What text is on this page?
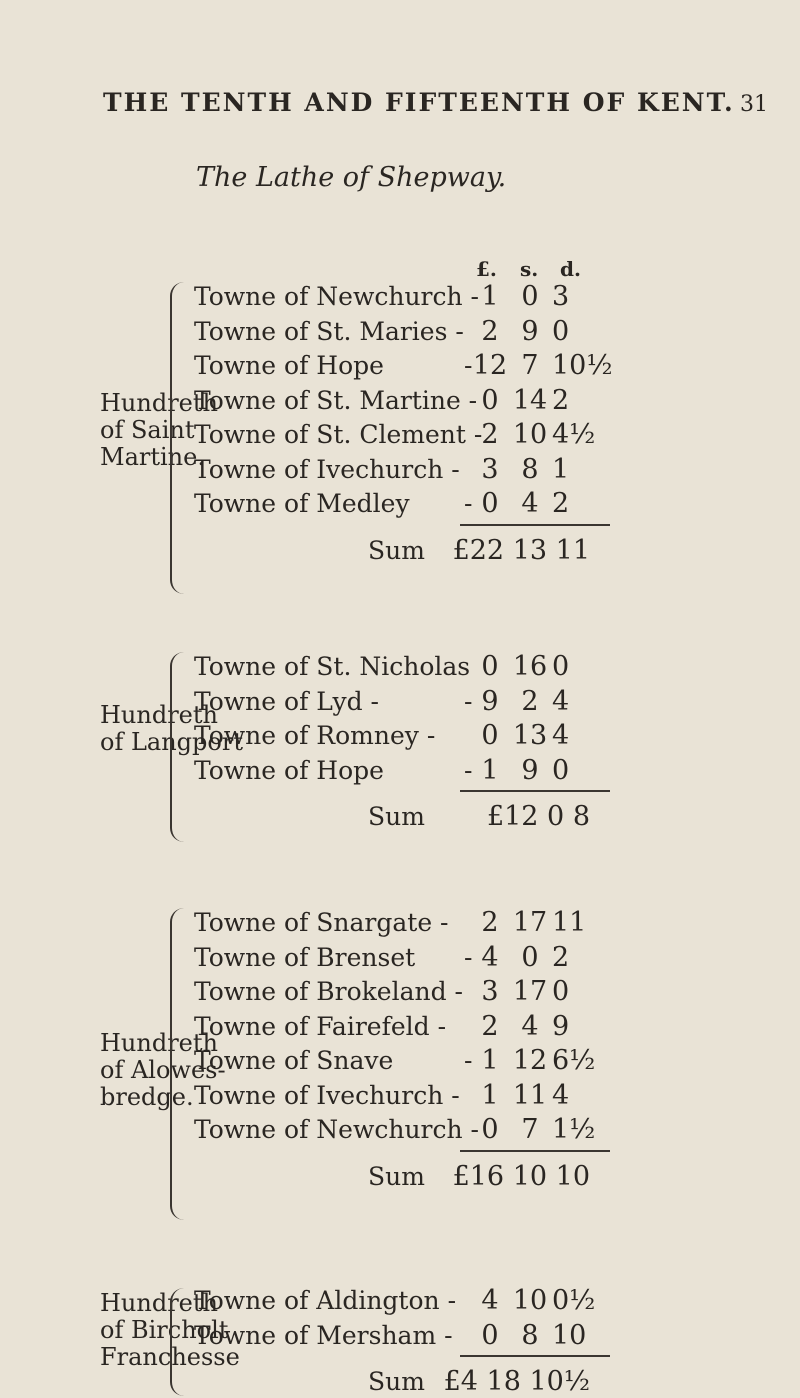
THE TENTH AND FIFTEENTH OF KENT. 31
The Lathe of Shepway.
£. s. d.
Hundreth
of Saint
Martine.
Towne of Newchurch - 1 0 3
Towne of St. Maries - 2 9 0
Towne of Hope	- 12 7 10½
Towne of St. Martine - 0 14 2
Towne of St. Clement - 2 10 4½
Towne of Ivechurch - 3 8 1
Towne of Medley - 0 4 2
Sum	£22 13 11
Hundreth
of Langport
Towne of St. Nicholas 0 16 0
Towne of Lyd -	- 9 2 4
Towne of Romney -	0 13 4
Towne of Hope	- 1 9 0
Sum	£12 0 8
Hundreth
of Alowes-
bredge.
Towne of Snargate -	2 17 11
Towne of Brenset - 4 0 2
Towne of Brokeland - 3 17 0
Towne of Fairefeld -	2 4 9
Towne of Snave	- 1 12 6½
Towne of Ivechurch - 1 11 4
Towne of Newchurch - 0 7 1½
Sum	£16 10 10
Hundreth
of Bircholt
Franchesse
Towne of Aldington - 4 10 0½
Towne of Mersham -	0 8 10
Sum £4 18 10½
